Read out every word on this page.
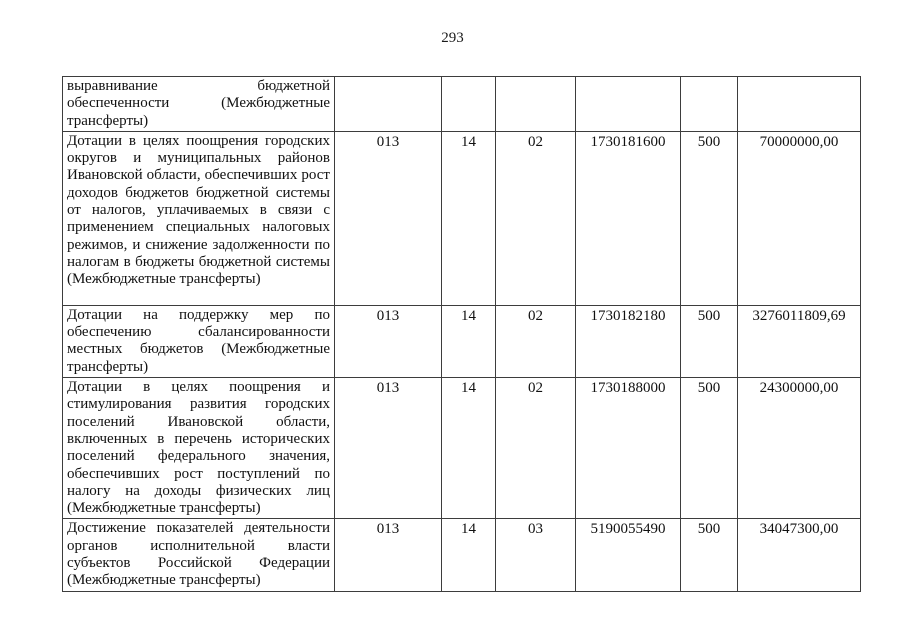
293
выравнивание бюджетной обеспеченности (Межбюджетные трансферты)						
Дотации в целях поощрения городских округов и муниципальных районов Ивановской области, обеспечивших рост доходов бюджетов бюджетной системы от налогов, уплачиваемых в связи с применением специальных налоговых режимов, и снижение задолженности по налогам в бюджеты бюджетной системы (Межбюджетные трансферты)	013	14	02	1730181600	500	70000000,00
Дотации на поддержку мер по обеспечению сбалансированности местных бюджетов (Межбюджетные трансферты)	013	14	02	1730182180	500	3276011809,69
Дотации в целях поощрения и стимулирования развития городских поселений Ивановской области, включенных в перечень исторических поселений федерального значения, обеспечивших рост поступлений по налогу на доходы физических лиц (Межбюджетные трансферты)	013	14	02	1730188000	500	24300000,00
Достижение показателей деятельности органов исполнительной власти субъектов Российской Федерации (Межбюджетные трансферты)	013	14	03	5190055490	500	34047300,00
